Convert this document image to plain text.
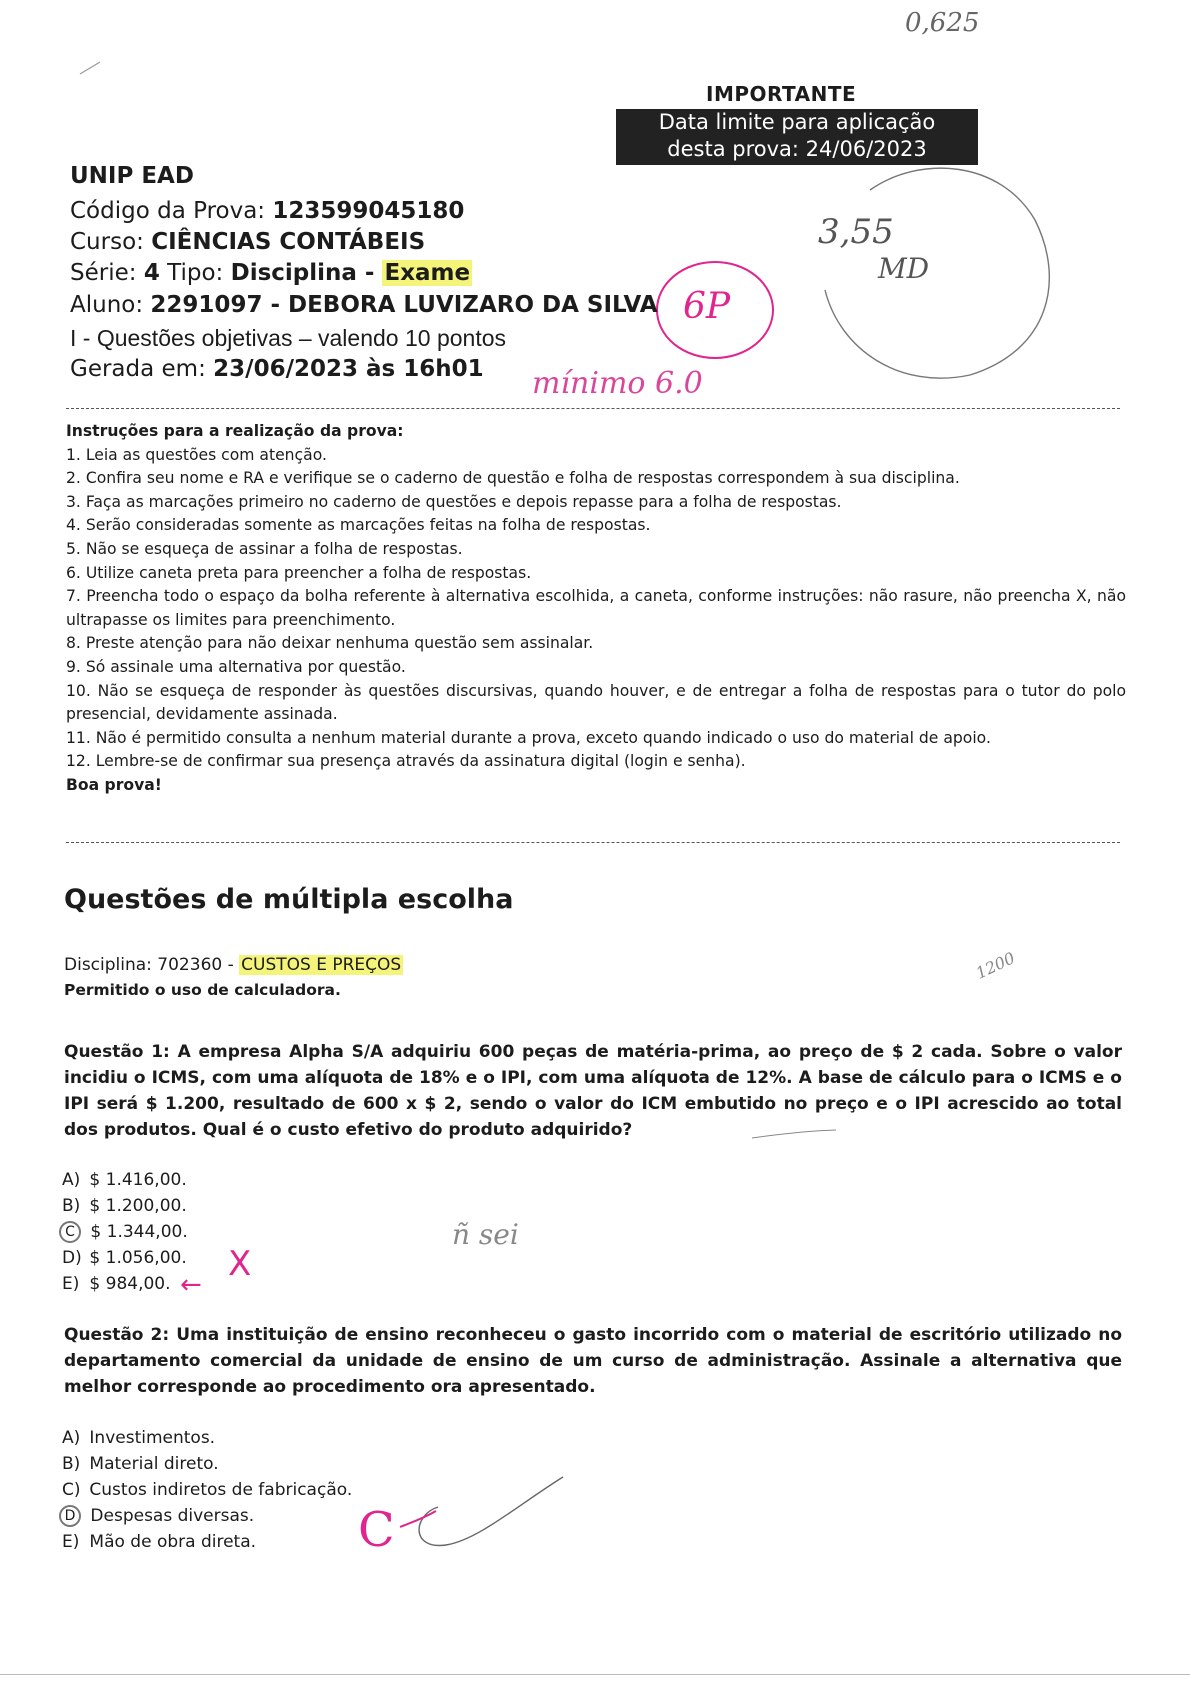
0,625
IMPORTANTE
Data limite para aplicação
desta prova: 24/06/2023
3,55
MD
6P
UNIP EAD
Código da Prova: 123599045180
Curso: CIÊNCIAS CONTÁBEIS
Série: 4 Tipo: Disciplina - Exame
Aluno: 2291097 - DEBORA LUVIZARO DA SILVA
I - Questões objetivas – valendo 10 pontos
Gerada em: 23/06/2023 às 16h01 mínimo 6.0
Instruções para a realização da prova:
1. Leia as questões com atenção.
2. Confira seu nome e RA e verifique se o caderno de questão e folha de respostas correspondem à sua disciplina.
3. Faça as marcações primeiro no caderno de questões e depois repasse para a folha de respostas.
4. Serão consideradas somente as marcações feitas na folha de respostas.
5. Não se esqueça de assinar a folha de respostas.
6. Utilize caneta preta para preencher a folha de respostas.
7. Preencha todo o espaço da bolha referente à alternativa escolhida, a caneta, conforme instruções: não rasure, não preencha X, não ultrapasse os limites para preenchimento.
8. Preste atenção para não deixar nenhuma questão sem assinalar.
9. Só assinale uma alternativa por questão.
10. Não se esqueça de responder às questões discursivas, quando houver, e de entregar a folha de respostas para o tutor do polo presencial, devidamente assinada.
11. Não é permitido consulta a nenhum material durante a prova, exceto quando indicado o uso do material de apoio.
12. Lembre-se de confirmar sua presença através da assinatura digital (login e senha).
Boa prova!
Questões de múltipla escolha
Disciplina: 702360 - CUSTOS E PREÇOS
Permitido o uso de calculadora.
1200
Questão 1: A empresa Alpha S/A adquiriu 600 peças de matéria-prima, ao preço de $ 2 cada. Sobre o valor incidiu o ICMS, com uma alíquota de 18% e o IPI, com uma alíquota de 12%. A base de cálculo para o ICMS e o IPI será $ 1.200, resultado de 600 x $ 2, sendo o valor do ICM embutido no preço e o IPI acrescido ao total dos produtos. Qual é o custo efetivo do produto adquirido?
A)
$ 1.416,00.
B)
$ 1.200,00.
C
$ 1.344,00.
D)
$ 1.056,00.
E)
$ 984,00.
ñ sei
X
←
Questão 2: Uma instituição de ensino reconheceu o gasto incorrido com o material de escritório utilizado no departamento comercial da unidade de ensino de um curso de administração. Assinale a alternativa que melhor corresponde ao procedimento ora apresentado.
A)
Investimentos.
B)
Material direto.
C)
Custos indiretos de fabricação.
D
Despesas diversas.
E)
Mão de obra direta. C
